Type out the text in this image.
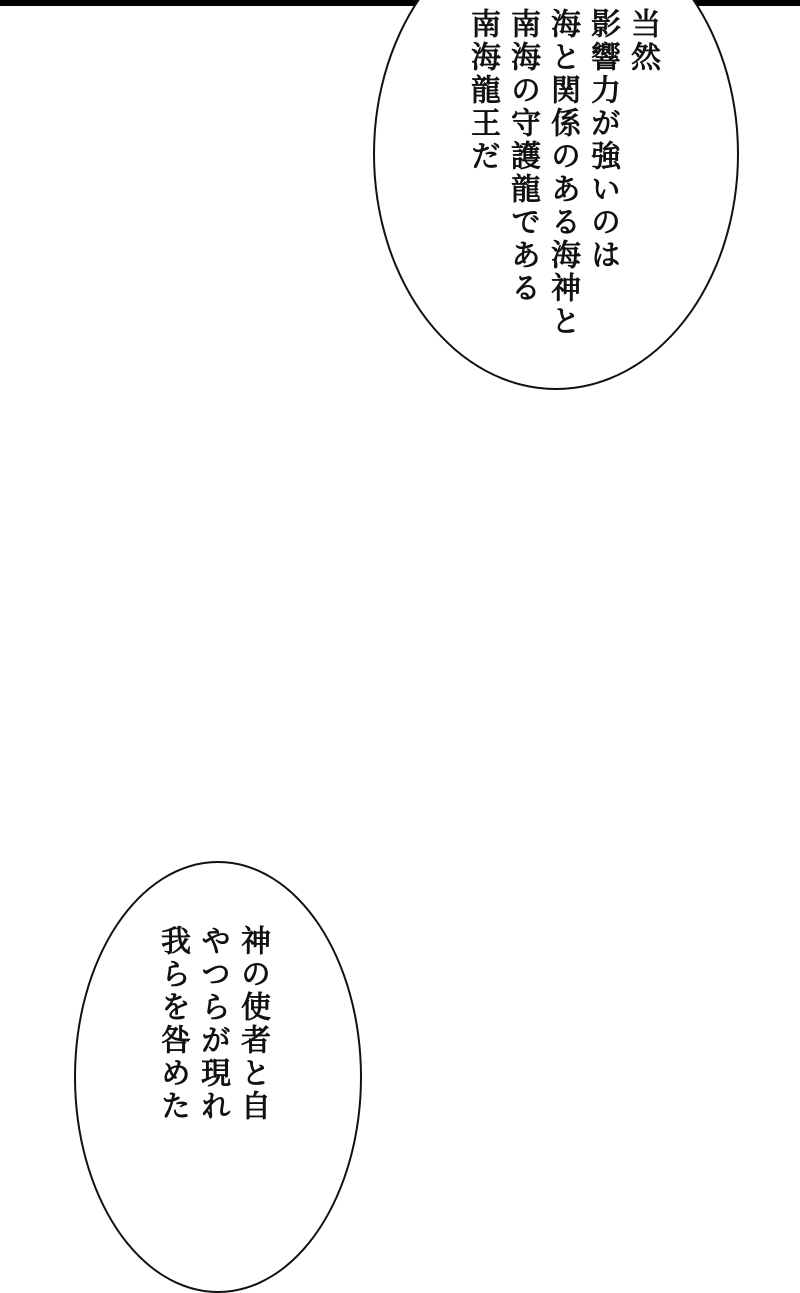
当然
影響力が強いのは
海と関係のある海神と
南海の守護龍である
南海龍王だ
神の使者と自
やつらが現れ
我らを咎めた
